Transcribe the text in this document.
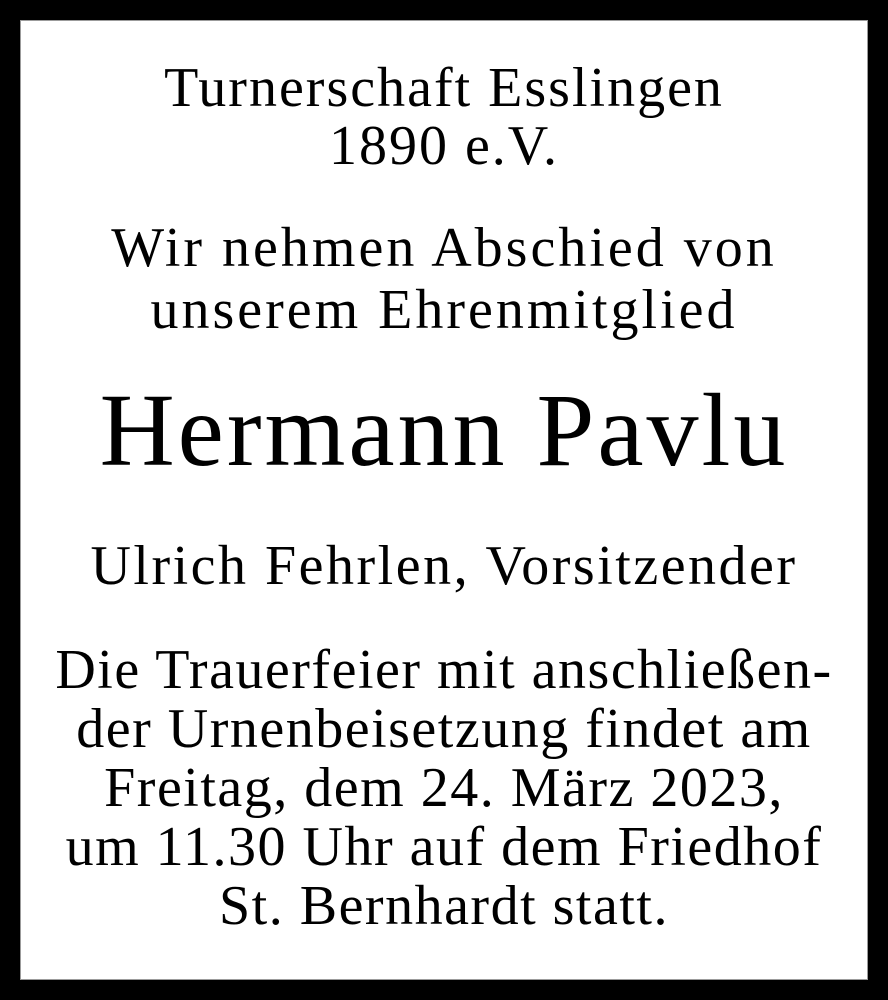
Turnerschaft Esslingen
1890 e.V.
Wir nehmen Abschied von
unserem Ehrenmitglied
Hermann Pavlu
Ulrich Fehrlen, Vorsitzender
Die Trauerfeier mit anschließen-
der Urnenbeisetzung findet am
Freitag, dem 24. März 2023,
um 11.30 Uhr auf dem Friedhof
St. Bernhardt statt.
